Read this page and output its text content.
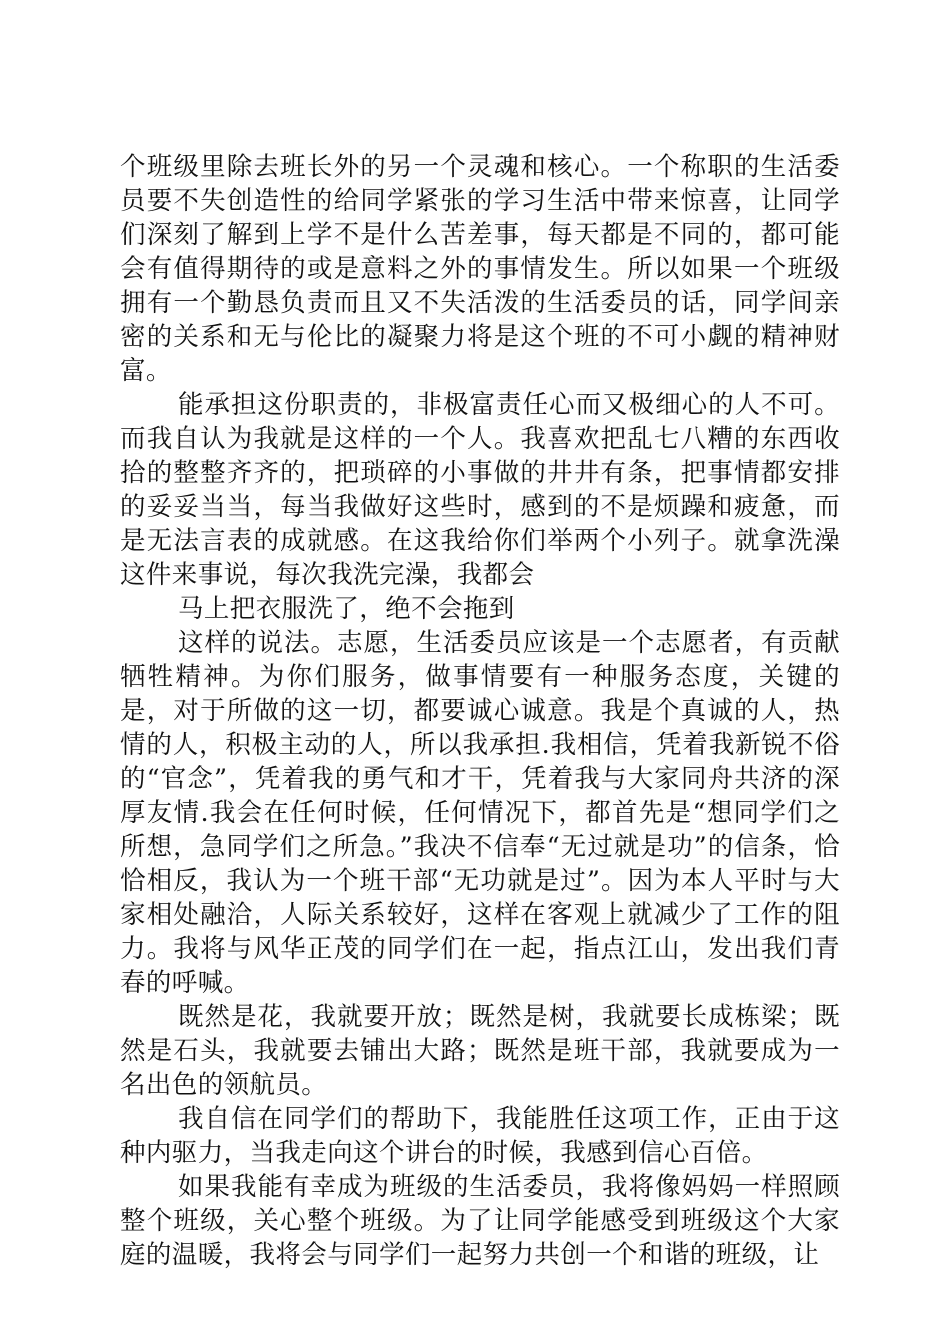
个班级里除去班长外的另一个灵魂和核心。一个称职的生活委员要不失创造性的给同学紧张的学习生活中带来惊喜，让同学们深刻了解到上学不是什么苦差事，每天都是不同的，都可能会有值得期待的或是意料之外的事情发生。所以如果一个班级拥有一个勤恳负责而且又不失活泼的生活委员的话，同学间亲密的关系和无与伦比的凝聚力将是这个班的不可小觑的精神财富。

能承担这份职责的，非极富责任心而又极细心的人不可。而我自认为我就是这样的一个人。我喜欢把乱七八糟的东西收拾的整整齐齐的，把琐碎的小事做的井井有条，把事情都安排的妥妥当当，每当我做好这些时，感到的不是烦躁和疲惫，而是无法言表的成就感。在这我给你们举两个小列子。就拿洗澡这件来事说，每次我洗完澡，我都会

马上把衣服洗了，绝不会拖到

这样的说法。志愿，生活委员应该是一个志愿者，有贡献牺牲精神。为你们服务，做事情要有一种服务态度，关键的是，对于所做的这一切，都要诚心诚意。我是个真诚的人，热情的人，积极主动的人，所以我承担.我相信，凭着我新锐不俗的“官念”，凭着我的勇气和才干，凭着我与大家同舟共济的深厚友情.我会在任何时候，任何情况下，都首先是“想同学们之所想，急同学们之所急。”我决不信奉“无过就是功”的信条，恰恰相反，我认为一个班干部“无功就是过”。因为本人平时与大家相处融洽，人际关系较好，这样在客观上就减少了工作的阻力。我将与风华正茂的同学们在一起，指点江山，发出我们青春的呼喊。

既然是花，我就要开放；既然是树，我就要长成栋梁；既然是石头，我就要去铺出大路；既然是班干部，我就要成为一名出色的领航员。

我自信在同学们的帮助下，我能胜任这项工作，正由于这种内驱力，当我走向这个讲台的时候，我感到信心百倍。

如果我能有幸成为班级的生活委员，我将像妈妈一样照顾整个班级，关心整个班级。为了让同学能感受到班级这个大家庭的温暖，我将会与同学们一起努力共创一个和谐的班级，让
